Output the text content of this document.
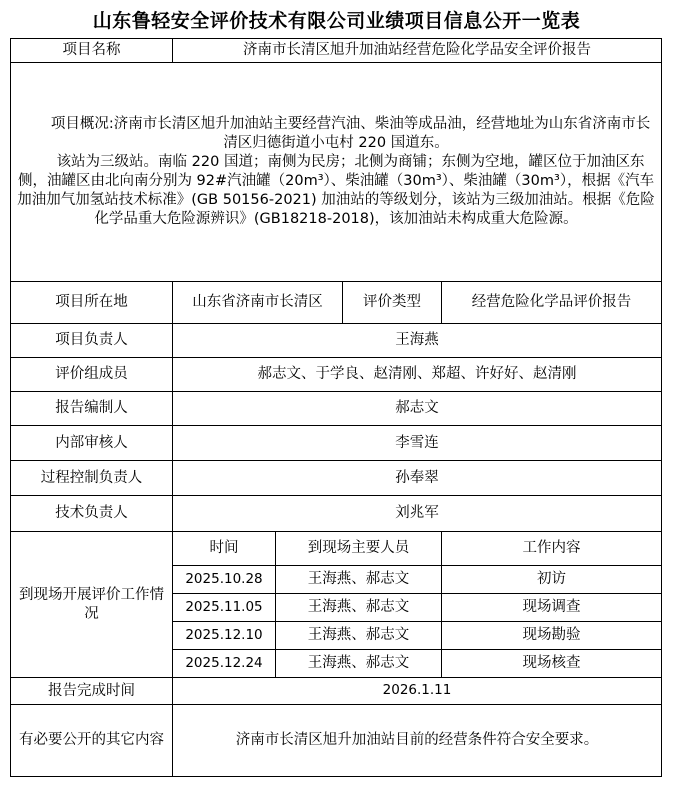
山东鲁轻安全评价技术有限公司业绩项目信息公开一览表
项目名称	济南市长清区旭升加油站经营危险化学品安全评价报告			

项目概况:济南市长清区旭升加油站主要经营汽油、柴油等成品油，经营地址为山东省济南市长清区归德街道小屯村 220 国道东。

该站为三级站。南临 220 国道；南侧为民房；北侧为商铺；东侧为空地，罐区位于加油区东侧，油罐区由北向南分别为 92#汽油罐（20m³）、柴油罐（30m³）、柴油罐（30m³），根据《汽车加油加气加氢站技术标准》(GB 50156-2021) 加油站的等级划分，该站为三级加油站。根据《危险化学品重大危险源辨识》(GB18218-2018)，该加油站未构成重大危险源。				

项目所在地	山东省济南市长清区		评价类型	经营危险化学品评价报告
项目负责人	王海燕			
评价组成员	郝志文、于学良、赵清刚、郑超、许好好、赵清刚			
报告编制人	郝志文			
内部审核人	李雪连			
过程控制负责人	孙奉翠			
技术负责人	刘兆军			
到现场开展评价工作情况	时间	到现场主要人员		工作内容
	2025.10.28	王海燕、郝志文		初访
	2025.11.05	王海燕、郝志文		现场调查
	2025.12.10	王海燕、郝志文		现场勘验
	2025.12.24	王海燕、郝志文		现场核查
报告完成时间	2026.1.11			
有必要公开的其它内容	济南市长清区旭升加油站目前的经营条件符合安全要求。			
